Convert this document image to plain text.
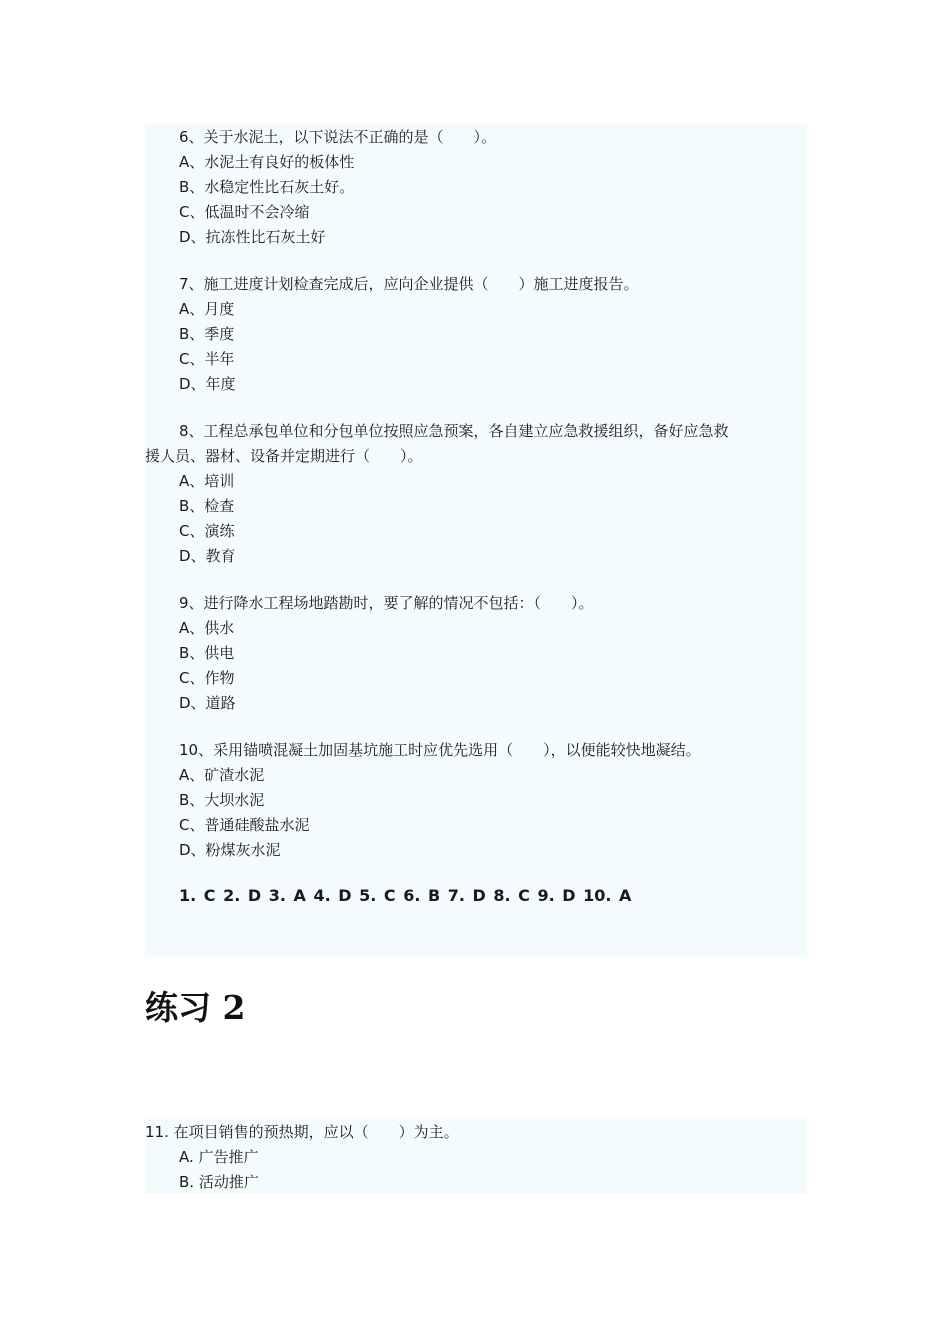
6、关于水泥土，以下说法不正确的是（　　）。
A、水泥土有良好的板体性
B、水稳定性比石灰土好。
C、低温时不会冷缩
D、抗冻性比石灰土好
7、施工进度计划检查完成后，应向企业提供（　　）施工进度报告。
A、月度
B、季度
C、半年
D、年度
8、工程总承包单位和分包单位按照应急预案，各自建立应急救援组织，备好应急救
援人员、器材、设备并定期进行（　　）。
A、培训
B、检查
C、演练
D、教育
9、进行降水工程场地踏勘时，要了解的情况不包括：（　　）。
A、供水
B、供电
C、作物
D、道路
10、采用锚喷混凝土加固基坑施工时应优先选用（　　），以便能较快地凝结。
A、矿渣水泥
B、大坝水泥
C、普通硅酸盐水泥
D、粉煤灰水泥
1. C 2. D 3. A 4. D 5. C 6. B 7. D 8. C 9. D 10. A
练习 2
11. 在项目销售的预热期，应以（　　）为主。
A. 广告推广
B. 活动推广
